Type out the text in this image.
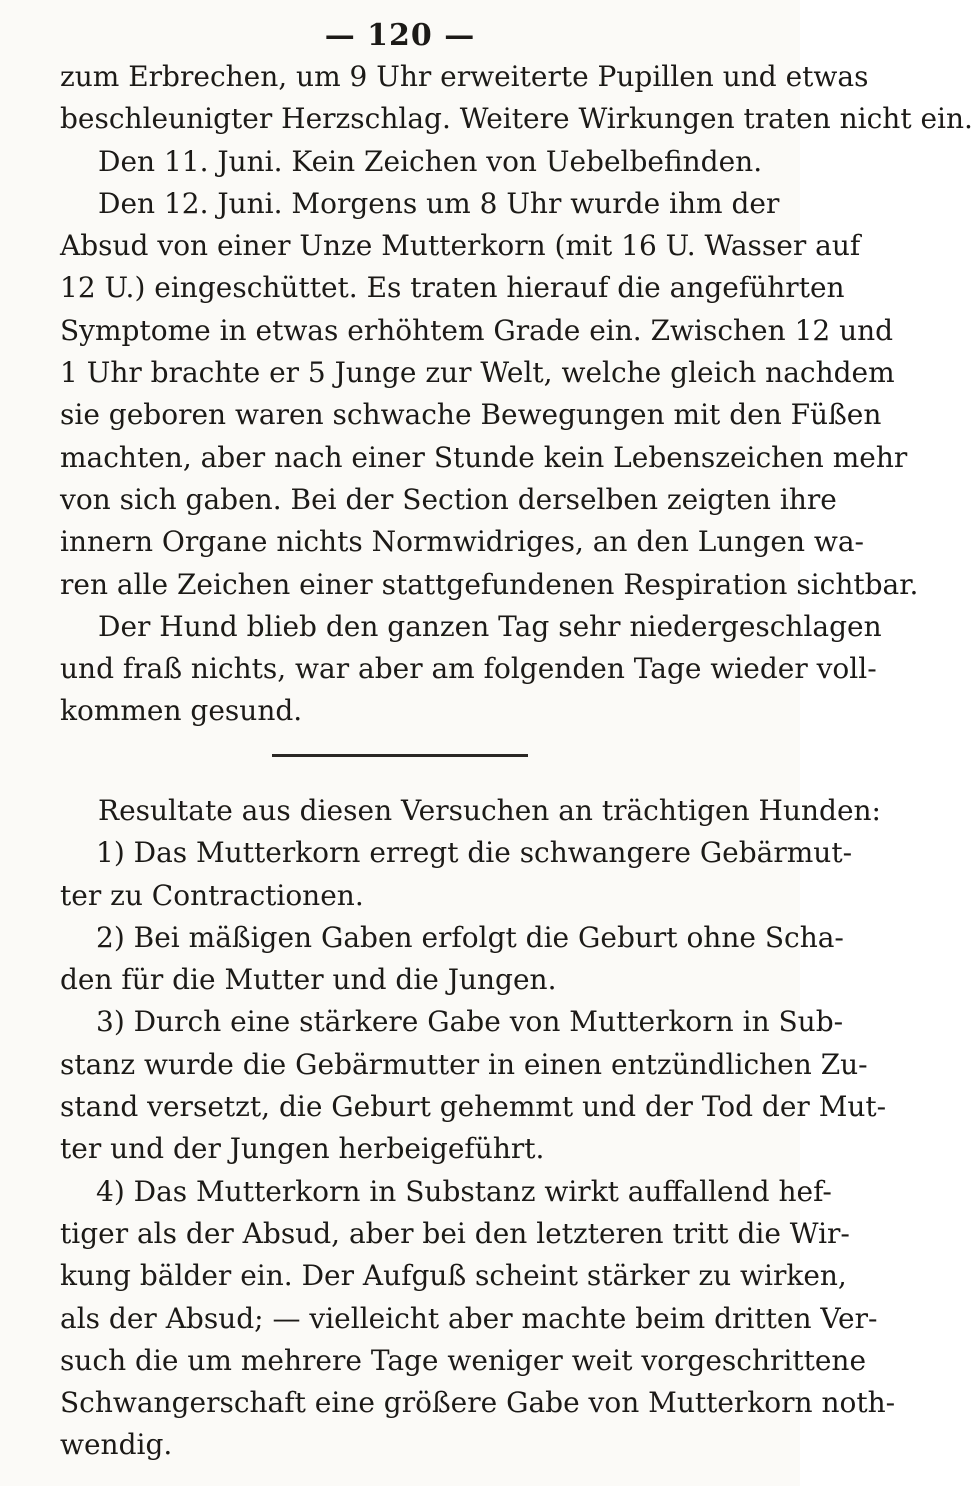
— 120 —
zum Erbrechen, um 9 Uhr erweiterte Pupillen und etwas
beschleunigter Herzschlag. Weitere Wirkungen traten nicht ein.
Den 11. Juni. Kein Zeichen von Uebelbefinden.
Den 12. Juni. Morgens um 8 Uhr wurde ihm der
Absud von einer Unze Mutterkorn (mit 16 U. Wasser auf
12 U.) eingeschüttet. Es traten hierauf die angeführten
Symptome in etwas erhöhtem Grade ein. Zwischen 12 und
1 Uhr brachte er 5 Junge zur Welt, welche gleich nachdem
sie geboren waren schwache Bewegungen mit den Füßen
machten, aber nach einer Stunde kein Lebenszeichen mehr
von sich gaben. Bei der Section derselben zeigten ihre
innern Organe nichts Normwidriges, an den Lungen wa-
ren alle Zeichen einer stattgefundenen Respiration sichtbar.
Der Hund blieb den ganzen Tag sehr niedergeschlagen
und fraß nichts, war aber am folgenden Tage wieder voll-
kommen gesund.
Resultate aus diesen Versuchen an trächtigen Hunden:
1) Das Mutterkorn erregt die schwangere Gebärmut-
ter zu Contractionen.
2) Bei mäßigen Gaben erfolgt die Geburt ohne Scha-
den für die Mutter und die Jungen.
3) Durch eine stärkere Gabe von Mutterkorn in Sub-
stanz wurde die Gebärmutter in einen entzündlichen Zu-
stand versetzt, die Geburt gehemmt und der Tod der Mut-
ter und der Jungen herbeigeführt.
4) Das Mutterkorn in Substanz wirkt auffallend hef-
tiger als der Absud, aber bei den letzteren tritt die Wir-
kung bälder ein. Der Aufguß scheint stärker zu wirken,
als der Absud; — vielleicht aber machte beim dritten Ver-
such die um mehrere Tage weniger weit vorgeschrittene
Schwangerschaft eine größere Gabe von Mutterkorn noth-
wendig.
